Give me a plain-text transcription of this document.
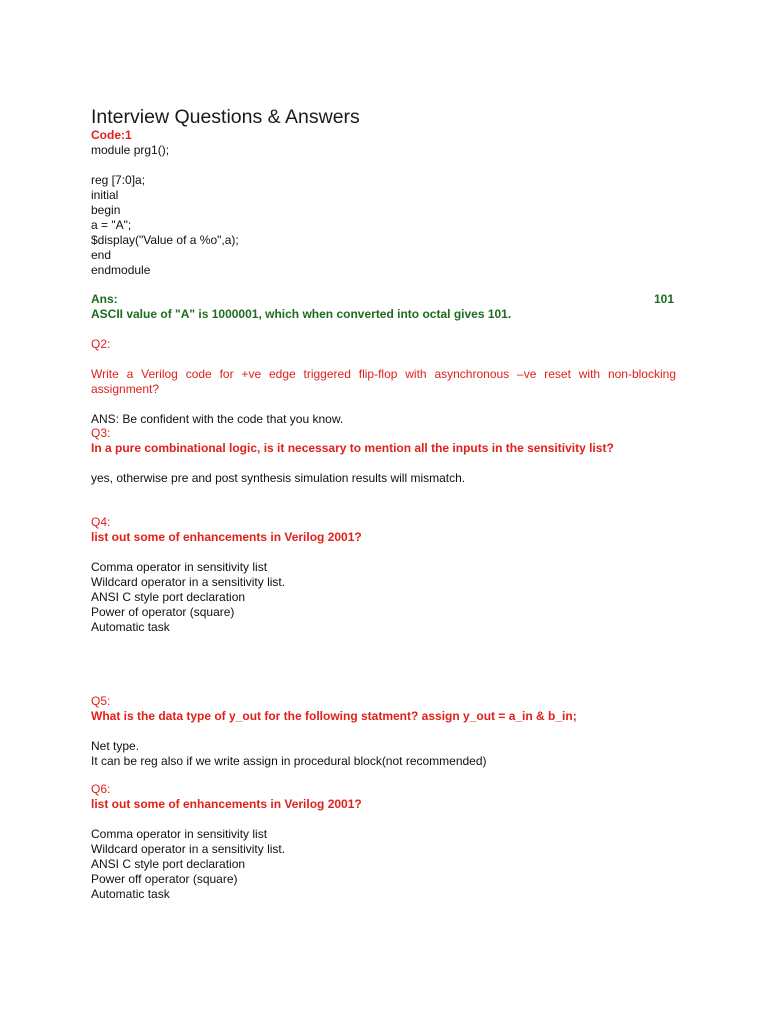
Interview Questions & Answers
Code:1
module prg1();
reg [7:0]a;
initial
begin
a = "A";
$display("Value of a %o",a);
end
endmodule
Ans:	101
ASCII value of "A" is 1000001, which when converted into octal gives 101.
Q2:
Write a Verilog code for +ve edge triggered flip-flop with asynchronous –ve reset with non-blocking assignment?
ANS: Be confident with the code that you know.
Q3:
In a pure combinational logic, is it necessary to mention all the inputs in the sensitivity list?
yes, otherwise pre and post synthesis simulation results will mismatch.
Q4:
list out some of enhancements in Verilog 2001?
Comma operator in sensitivity list
Wildcard operator in a sensitivity list.
ANSI C style port declaration
Power of operator (square)
Automatic task
Q5:
What is the data type of y_out for the following statment? assign y_out = a_in & b_in;
Net type.
It can be reg also if we write assign in procedural block(not recommended)
Q6:
list out some of enhancements in Verilog 2001?
Comma operator in sensitivity list
Wildcard operator in a sensitivity list.
ANSI C style port declaration
Power off operator (square)
Automatic task
